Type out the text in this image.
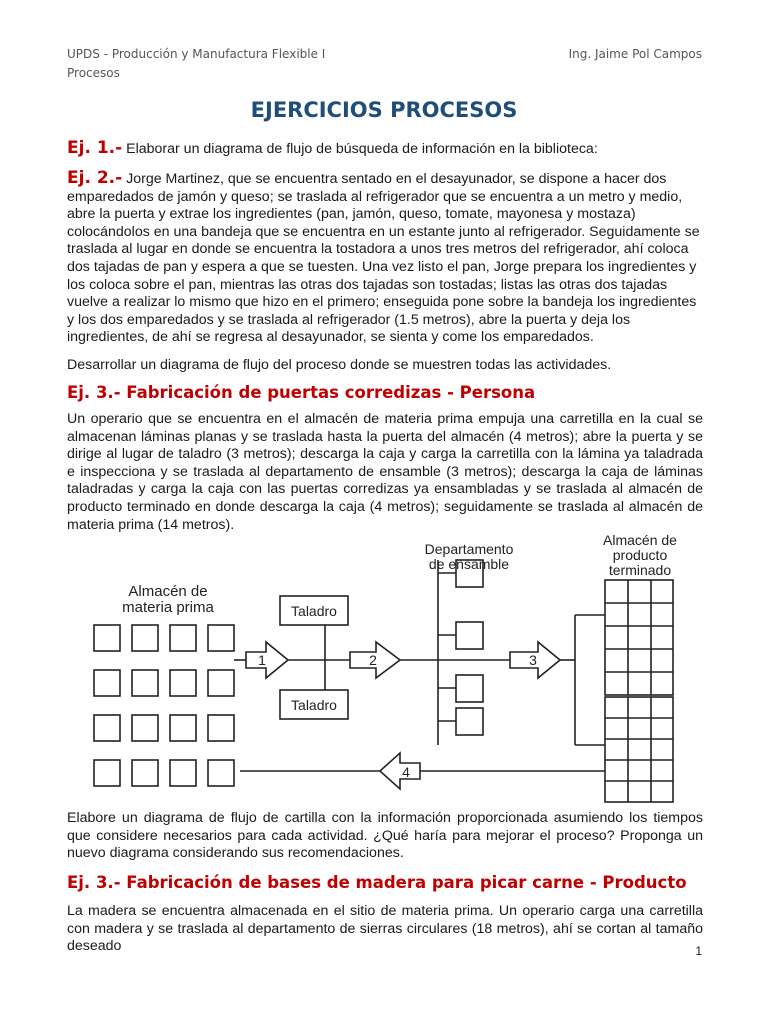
UPDS - Producción y Manufactura Flexible I
Procesos
Ing. Jaime Pol Campos
EJERCICIOS PROCESOS

Ej. 1.- Elaborar un diagrama de flujo de búsqueda de información en la biblioteca:

Ej. 2.- Jorge Martinez, que se encuentra sentado en el desayunador, se dispone a hacer dos emparedados de jamón y queso; se traslada al refrigerador que se encuentra a un metro y medio, abre la puerta y extrae los ingredientes (pan, jamón, queso, tomate, mayonesa y mostaza) colocándolos en una bandeja que se encuentra en un estante junto al refrigerador. Seguidamente se traslada al lugar en donde se encuentra la tostadora a unos tres metros del refrigerador, ahí coloca dos tajadas de pan y espera a que se tuesten. Una vez listo el pan, Jorge prepara los ingredientes y los coloca sobre el pan, mientras las otras dos tajadas son tostadas; listas las otras dos tajadas vuelve a realizar lo mismo que hizo en el primero; enseguida pone sobre la bandeja los ingredientes y los dos emparedados y se traslada al refrigerador (1.5 metros), abre la puerta y deja los ingredientes, de ahí se regresa al desayunador, se sienta y come los emparedados.

Desarrollar un diagrama de flujo del proceso donde se muestren todas las actividades.

Ej. 3.- Fabricación de puertas corredizas - Persona

Un operario que se encuentra en el almacén de materia prima empuja una carretilla en la cual se almacenan láminas planas y se traslada hasta la puerta del almacén (4 metros); abre la puerta y se dirige al lugar de taladro (3 metros); descarga la caja y carga la carretilla con la lámina ya taladrada e inspecciona y se traslada al departamento de ensamble (3 metros); descarga la caja de láminas taladradas y carga la caja con las puertas corredizas ya ensambladas y se traslada al almacén de producto terminado en donde descarga la caja (4 metros); seguidamente se traslada al almacén de materia prima (14 metros).

Almacén de
materia prima	Taladro
Taladro
Departamento
de ensamble
Almacén de
producto
terminado
1	2	3
4

Elabore un diagrama de flujo de cartilla con la información proporcionada asumiendo los tiempos que considere necesarios para cada actividad. ¿Qué haría para mejorar el proceso? Proponga un nuevo diagrama considerando sus recomendaciones.

Ej. 3.- Fabricación de bases de madera para picar carne - Producto

La madera se encuentra almacenada en el sitio de materia prima. Un operario carga una carretilla con madera y se traslada al departamento de sierras circulares (18 metros), ahí se cortan al tamaño deseado	1
